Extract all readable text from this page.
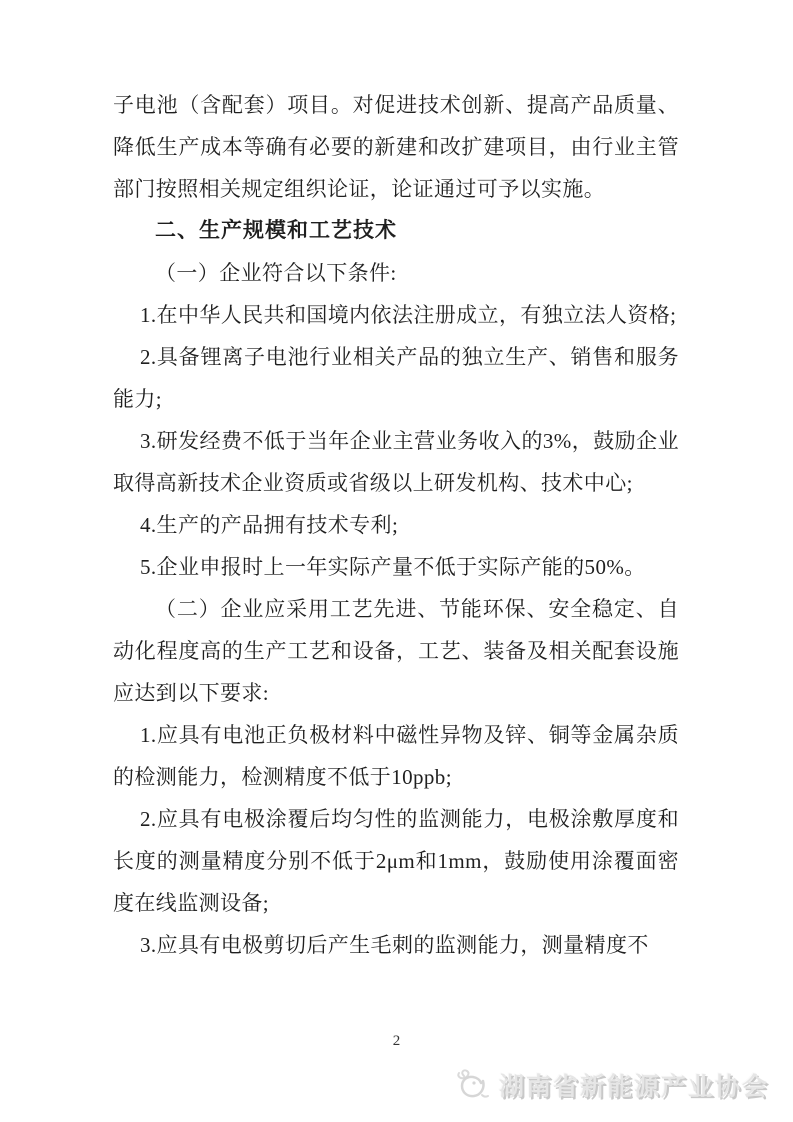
子电池（含配套）项目。对促进技术创新、提高产品质量、降低生产成本等确有必要的新建和改扩建项目，由行业主管部门按照相关规定组织论证，论证通过可予以实施。

二、生产规模和工艺技术

（一）企业符合以下条件:

1.在中华人民共和国境内依法注册成立，有独立法人资格;

2.具备锂离子电池行业相关产品的独立生产、销售和服务能力;

3.研发经费不低于当年企业主营业务收入的3%，鼓励企业取得高新技术企业资质或省级以上研发机构、技术中心;

4.生产的产品拥有技术专利;

5.企业申报时上一年实际产量不低于实际产能的50%。

（二）企业应采用工艺先进、节能环保、安全稳定、自动化程度高的生产工艺和设备，工艺、装备及相关配套设施应达到以下要求:

1.应具有电池正负极材料中磁性异物及锌、铜等金属杂质的检测能力，检测精度不低于10ppb;

2.应具有电极涂覆后均匀性的监测能力，电极涂敷厚度和长度的测量精度分别不低于2μm和1mm，鼓励使用涂覆面密度在线监测设备;

3.应具有电极剪切后产生毛刺的监测能力，测量精度不

2
湖南省新能源产业协会
